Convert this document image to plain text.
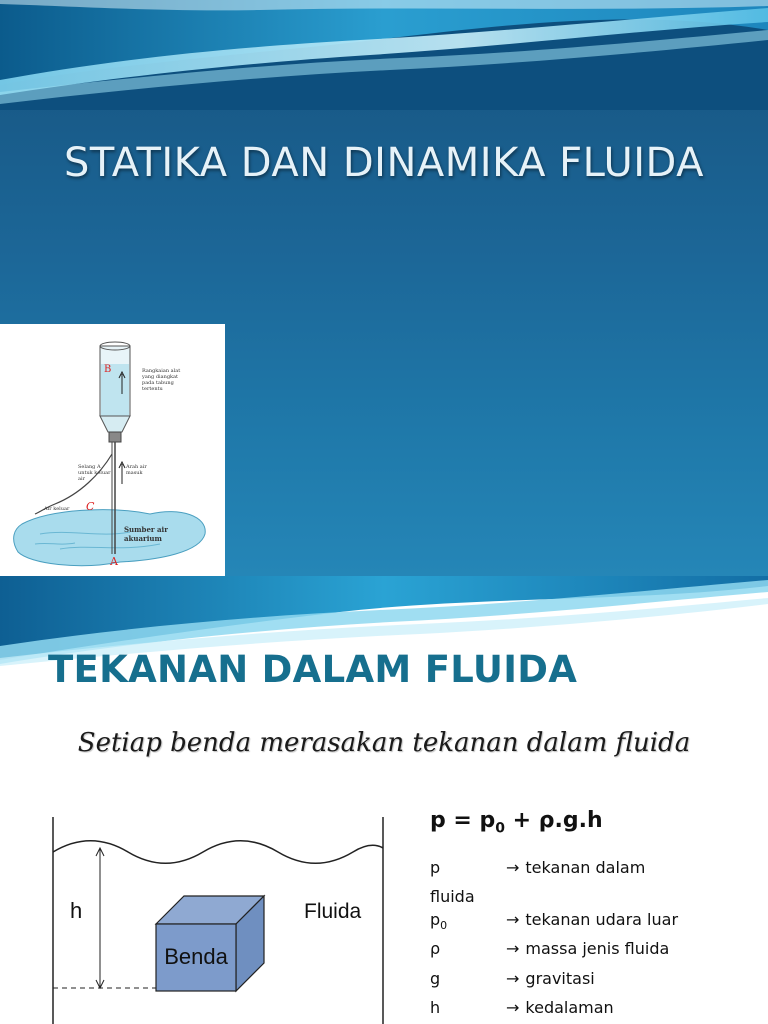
STATIKA DAN DINAMIKA FLUIDA
B
C
A
Rangkaian alat yang diangkat pada tabung tertentu
Selang A untuk keluar air
Arah air masuk
Air keluar
Sumber air akuarium
TEKANAN DALAM FLUIDA
Setiap benda merasakan tekanan dalam fluida
h
Benda
Fluida
$p = p_0 + \rho.g.h$
p	→ tekanan dalam
fluida
$p_0$	→ tekanan udara luar
ρ	→ massa jenis fluida
g	→ gravitasi
h	→ kedalaman
